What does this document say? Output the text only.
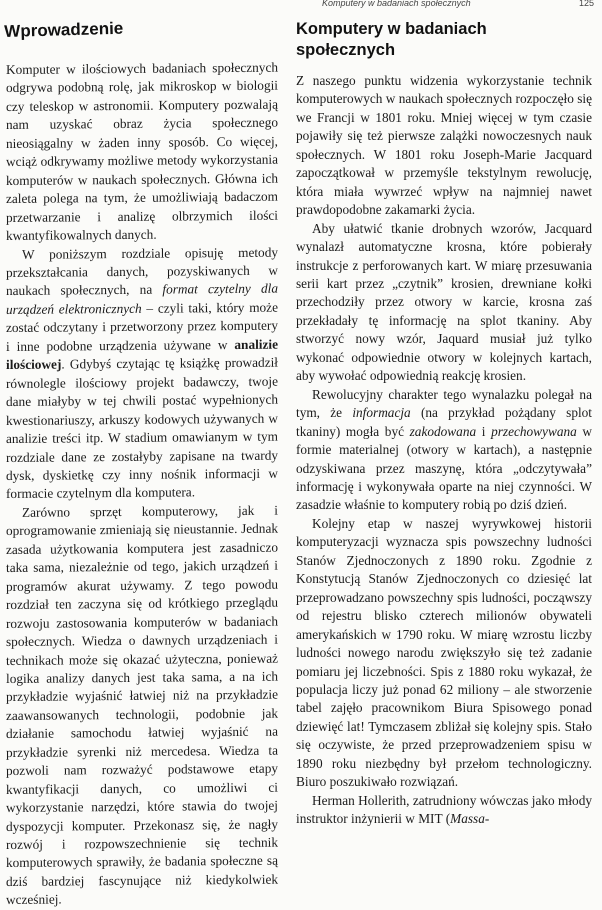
Komputery w badaniach społecznych	125
Wprowadzenie

Komputer w ilościowych badaniach społecznych odgrywa podobną rolę, jak mikroskop w biologii czy teleskop w astronomii. Komputery pozwalają nam uzyskać obraz życia społecznego nieosiągalny w żaden inny sposób. Co więcej, wciąż odkrywamy możliwe metody wykorzystania komputerów w naukach społecznych. Główna ich zaleta polega na tym, że umożliwiają badaczom przetwarzanie i analizę olbrzymich ilości kwantyfikowalnych danych.

W poniższym rozdziale opisuję metody przekształcania danych, pozyskiwanych w naukach społecznych, na format czytelny dla urządzeń elektronicznych – czyli taki, który może zostać odczytany i przetworzony przez komputery i inne podobne urządzenia używane w analizie ilościowej. Gdybyś czytając tę książkę prowadził równolegle ilościowy projekt badawczy, twoje dane miałyby w tej chwili postać wypełnionych kwestionariuszy, arkuszy kodowych używanych w analizie treści itp. W stadium omawianym w tym rozdziale dane ze zostałyby zapisane na twardy dysk, dyskietkę czy inny nośnik informacji w formacie czytelnym dla komputera.

Zarówno sprzęt komputerowy, jak i oprogramowanie zmieniają się nieustannie. Jednak zasada użytkowania komputera jest zasadniczo taka sama, niezależnie od tego, jakich urządzeń i programów akurat używamy. Z tego powodu rozdział ten zaczyna się od krótkiego przeglądu rozwoju zastosowania komputerów w badaniach społecznych. Wiedza o dawnych urządzeniach i technikach może się okazać użyteczna, ponieważ logika analizy danych jest taka sama, a na ich przykładzie wyjaśnić łatwiej niż na przykładzie zaawansowanych technologii, podobnie jak działanie samochodu łatwiej wyjaśnić na przykładzie syrenki niż mercedesa. Wiedza ta pozwoli nam rozważyć podstawowe etapy kwantyfikacji danych, co umożliwi ci wykorzystanie narzędzi, które stawia do twojej dyspozycji komputer. Przekonasz się, że nagły rozwój i rozpowszechnienie się technik komputerowych sprawiły, że badania społeczne są dziś bardziej fascynujące niż kiedykolwiek wcześniej.

Komputery w badaniach społecznych

Z naszego punktu widzenia wykorzystanie technik komputerowych w naukach społecznych rozpoczęło się we Francji w 1801 roku. Mniej więcej w tym czasie pojawiły się też pierwsze zalążki nowoczesnych nauk społecznych. W 1801 roku Joseph-Marie Jacquard zapoczątkował w przemyśle tekstylnym rewolucję, która miała wywrzeć wpływ na najmniej nawet prawdopodobne zakamarki życia.

Aby ułatwić tkanie drobnych wzorów, Jacquard wynalazł automatyczne krosna, które pobierały instrukcje z perforowanych kart. W miarę przesuwania serii kart przez „czytnik” krosien, drewniane kołki przechodziły przez otwory w karcie, krosna zaś przekładały tę informację na splot tkaniny. Aby stworzyć nowy wzór, Jaquard musiał już tylko wykonać odpowiednie otwory w kolejnych kartach, aby wywołać odpowiednią reakcję krosien.

Rewolucyjny charakter tego wynalazku polegał na tym, że informacja (na przykład pożądany splot tkaniny) mogła być zakodowana i przechowywana w formie materialnej (otwory w kartach), a następnie odzyskiwana przez maszynę, która „odczytywała” informację i wykonywała oparte na niej czynności. W zasadzie właśnie to komputery robią po dziś dzień.

Kolejny etap w naszej wyrywkowej historii komputeryzacji wyznacza spis powszechny ludności Stanów Zjednoczonych z 1890 roku. Zgodnie z Konstytucją Stanów Zjednoczonych co dziesięć lat przeprowadzano powszechny spis ludności, począwszy od rejestru blisko czterech milionów obywateli amerykańskich w 1790 roku. W miarę wzrostu liczby ludności nowego narodu zwiększyło się też zadanie pomiaru jej liczebności. Spis z 1880 roku wykazał, że populacja liczy już ponad 62 miliony – ale stworzenie tabel zajęło pracownikom Biura Spisowego ponad dziewięć lat! Tymczasem zbliżał się kolejny spis. Stało się oczywiste, że przed przeprowadzeniem spisu w 1890 roku niezbędny był przełom technologiczny. Biuro poszukiwało rozwiązań.

Herman Hollerith, zatrudniony wówczas jako młody instruktor inżynierii w MIT (Massa-
